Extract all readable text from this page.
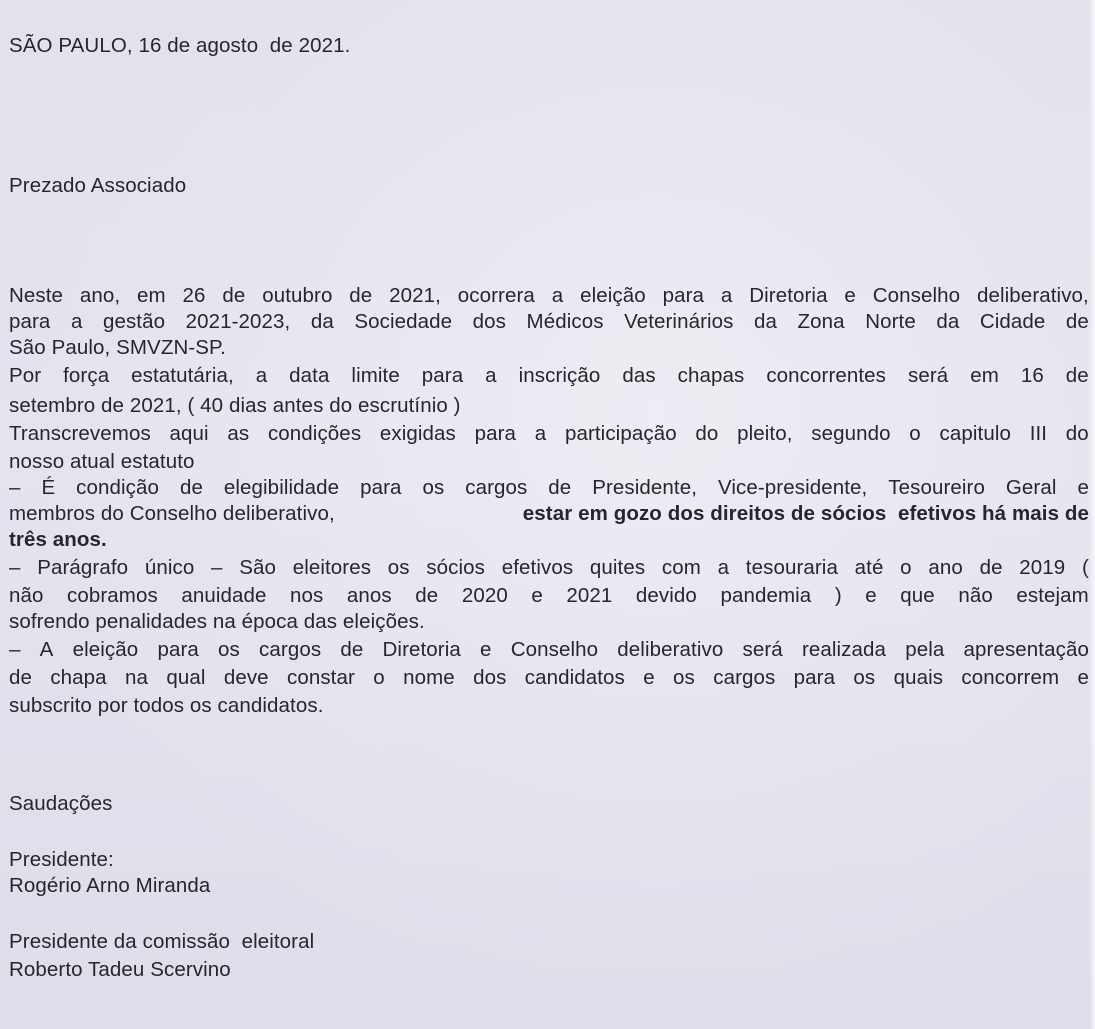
SÃO PAULO, 16 de agosto  de 2021.
Prezado Associado
Neste ano, em 26 de outubro de 2021, ocorrera a eleição para a Diretoria e Conselho deliberativo,
para a gestão 2021-2023, da Sociedade dos Médicos Veterinários da Zona Norte da Cidade de
São Paulo, SMVZN-SP.
Por força estatutária, a data limite para a inscrição das chapas concorrentes será em 16 de
setembro de 2021, ( 40 dias antes do escrutínio )
Transcrevemos aqui as condições exigidas para a participação do pleito, segundo o capitulo III do
nosso atual estatuto
– É condição de elegibilidade para os cargos de Presidente, Vice-presidente, Tesoureiro Geral e
membros do Conselho deliberativo,	estar em gozo dos direitos de sócios  efetivos há mais de
três anos.
– Parágrafo único – São eleitores os sócios efetivos quites com a tesouraria até o ano de 2019 (
não cobramos anuidade nos anos de 2020 e 2021 devido pandemia ) e que não estejam
sofrendo penalidades na época das eleições.
– A eleição para os cargos de Diretoria e Conselho deliberativo será realizada pela apresentação
de chapa na qual deve constar o nome dos candidatos e os cargos para os quais concorrem e
subscrito por todos os candidatos.
Saudações
Presidente:
Rogério Arno Miranda
Presidente da comissão  eleitoral
Roberto Tadeu Scervino
